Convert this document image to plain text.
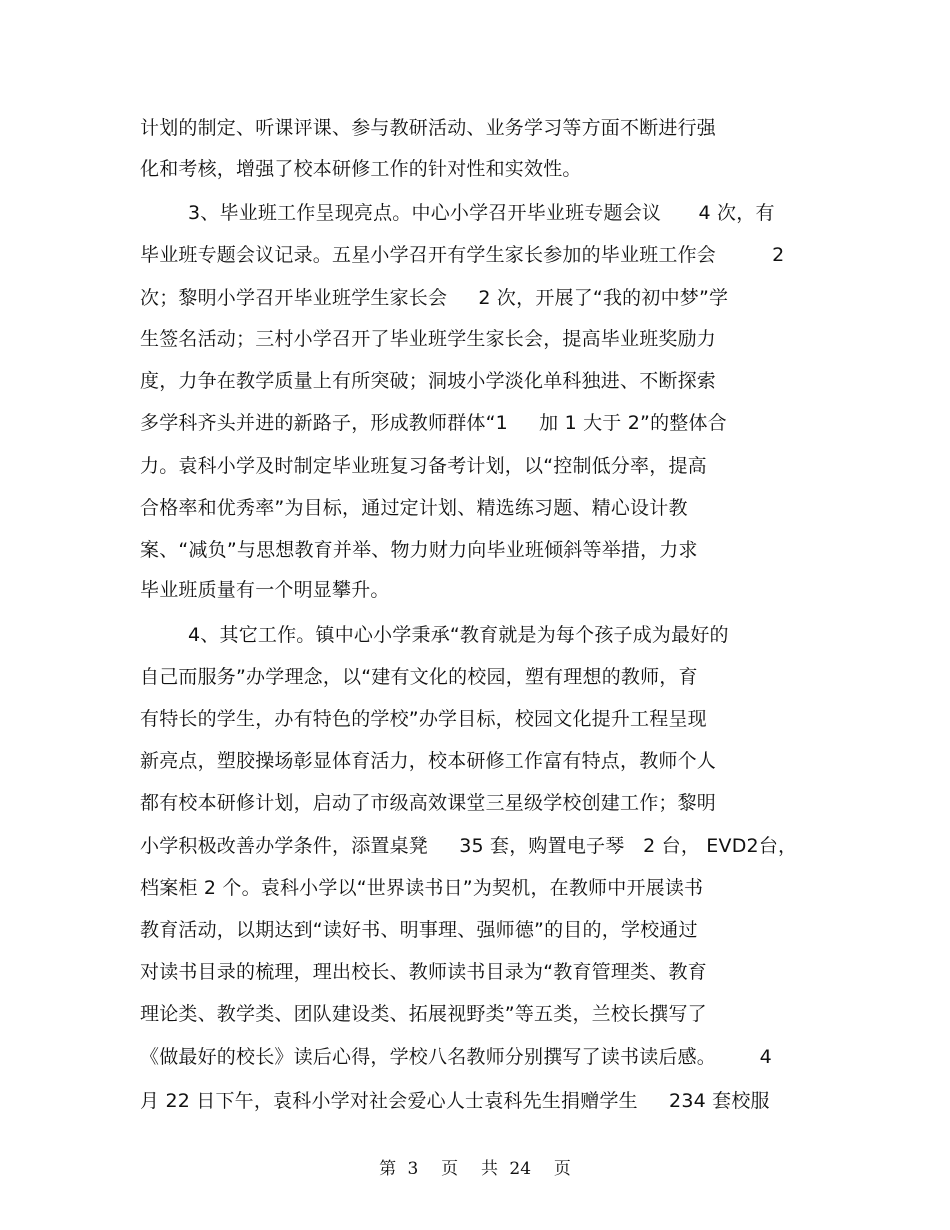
计划的制定、听课评课、参与教研活动、业务学习等方面不断进行强
化和考核，增强了校本研修工作的针对性和实效性。
3、毕业班工作呈现亮点。中心小学召开毕业班专题会议      4 次，有
毕业班专题会议记录。五星小学召开有学生家长参加的毕业班工作会         2
次；黎明小学召开毕业班学生家长会     2 次，开展了“我的初中梦”学
生签名活动；三村小学召开了毕业班学生家长会，提高毕业班奖励力
度，力争在教学质量上有所突破；洞坡小学淡化单科独进、不断探索
多学科齐头并进的新路子，形成教师群体“1     加 1 大于 2”的整体合
力。袁科小学及时制定毕业班复习备考计划，以“控制低分率，提高
合格率和优秀率”为目标，通过定计划、精选练习题、精心设计教
案、“减负”与思想教育并举、物力财力向毕业班倾斜等举措，力求
毕业班质量有一个明显攀升。
4、其它工作。镇中心小学秉承“教育就是为每个孩子成为最好的
自己而服务”办学理念，以“建有文化的校园，塑有理想的教师，育
有特长的学生，办有特色的学校”办学目标，校园文化提升工程呈现
新亮点，塑胶操场彰显体育活力，校本研修工作富有特点，教师个人
都有校本研修计划，启动了市级高效课堂三星级学校创建工作；黎明
小学积极改善办学条件，添置桌凳     35 套，购置电子琴   2 台， EVD2台，
档案柜 2 个。袁科小学以“世界读书日”为契机，在教师中开展读书
教育活动，以期达到“读好书、明事理、强师德”的目的，学校通过
对读书目录的梳理，理出校长、教师读书目录为“教育管理类、教育
理论类、教学类、团队建设类、拓展视野类”等五类，兰校长撰写了
《做最好的校长》读后心得，学校八名教师分别撰写了读书读后感。       4
月 22 日下午，袁科小学对社会爱心人士袁科先生捐赠学生     234 套校服
第 3  页  共 24  页
